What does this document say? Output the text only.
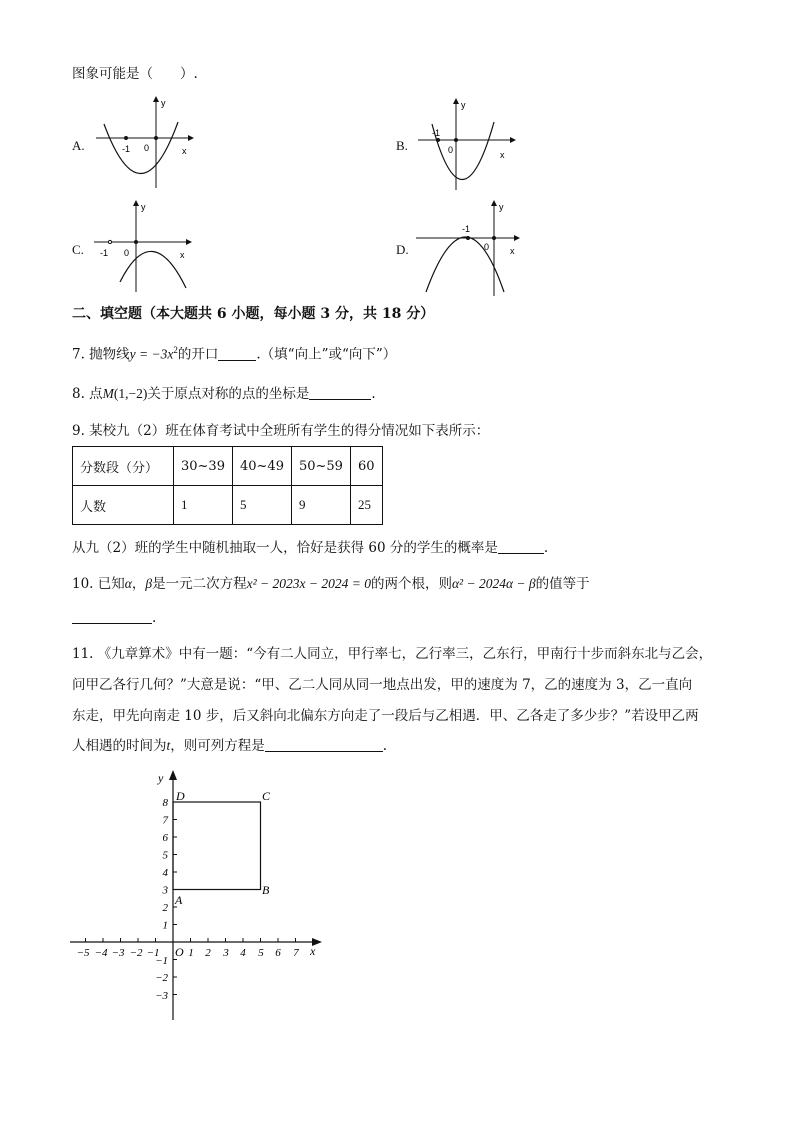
图象可能是（　　）.
A.	-1 0	x
y
B.
-1
0	x
y
C. -1 0	x
y
D.
-1
0 x
y
二、填空题（本大题共 6 小题，每小题 3 分，共 18 分）
7. 抛物线$y = -3x^2$的开口	.（填“向上”或“向下”）
8. 点M(1,−2)关于原点对称的点的坐标是	.
9. 某校九（2）班在体育考试中全班所有学生的得分情况如下表所示：
分数段（分）	30~39	40~49	50~59	60
人数	1	5	9	25
从九（2）班的学生中随机抽取一人，恰好是获得 60 分的学生的概率是	.
10. 已知α，β是一元二次方程x² − 2023x − 2024 = 0的两个根，则α² − 2024α − β的值等于
.
11. 《九章算术》中有一题：“今有二人同立，甲行率七，乙行率三，乙东行，甲南行十步而斜东北与乙会，
问甲乙各行几何？”大意是说：“甲、乙二人同从同一地点出发，甲的速度为 7，乙的速度为 3，乙一直向
东走，甲先向南走 10 步，后又斜向北偏东方向走了一段后与乙相遇．甲、乙各走了多少步？”若设甲乙两
人相遇的时间为t，则可列方程是	.
−5 −4 −3 −2 −1	1 2 3 4 5 6 7
8
7
6
5
4
3
2
1
−1
−2
−3
y
x
O
A
B
C
D
